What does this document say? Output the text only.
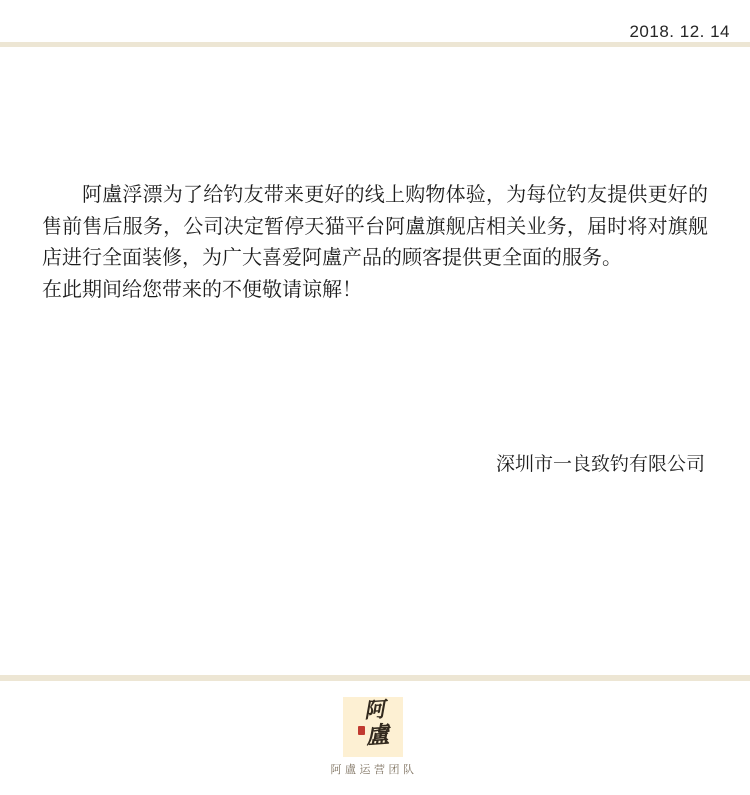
2018. 12. 14

阿盧浮漂为了给钓友带来更好的线上购物体验，为每位钓友提供更好的售前售后服务，公司决定暂停天猫平台阿盧旗舰店相关业务，届时将对旗舰店进行全面装修，为广大喜爱阿盧产品的顾客提供更全面的服务。

在此期间给您带来的不便敬请谅解！

深圳市一良致钓有限公司
阿
盧
阿盧运营团队
